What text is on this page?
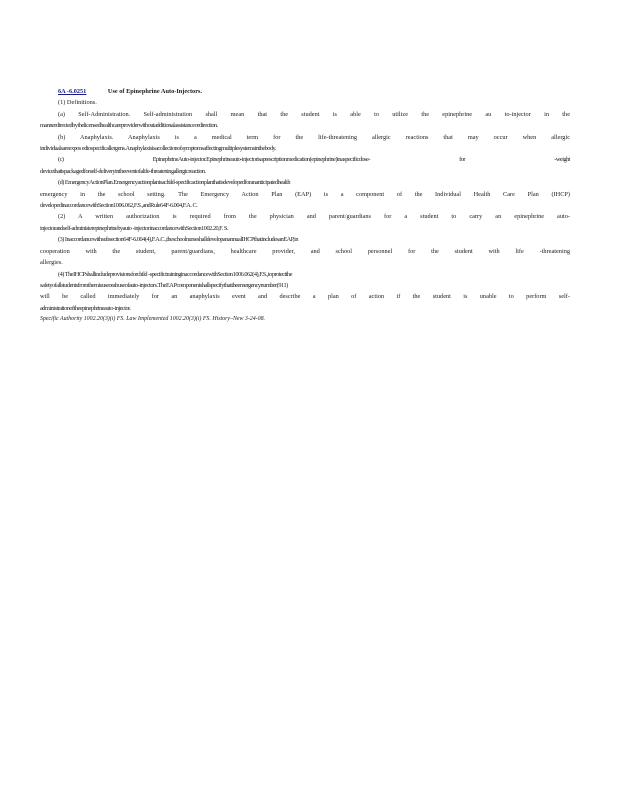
6A -6.0251	Use of Epinephrine Auto-Injectors.
(1) Definitions.
(a) Self-Administration. Self-administration shall mean that the student is able to utilize the epinephrine au to-injector in the
mannerdirectedbythelicensedhealthcareproviderwithoutadditionalassistanceordirection.
(b) Anaphylaxis. Anaphylaxis is a medical term for the life-threatening allergic reactions that may occur when allergic
individualsareexpos edtospecificallergens.Anaphylaxisisacollectionofsymptomsaffectingmultiplesystemsinthebody.
(c) EpinephrineAuto-injector.Epinephrineauto-injectorisaprescriptionmedication(epinephrine)inaspecificdose- for -weight
devicethatispackagedforself-deliveryintheeventofalife-threateningallergicreaction.
(d) EmergencyActionPlan.Emergencyactionplanisachild-specificactionplanthatisdevelopedforananticipatedhealth
emergency in the school setting. The Emergency Action Plan (EAP) is a component of the Individual Health Care Plan (IHCP)
developedinaccordancewithSection1006.062,F.S.,andRule64F-6.004,F.A. C.
(2) A written authorization is required from the physician and parent/guardians for a student to carry an epinephrine auto-
injectorandself-administerepinephrinebyauto -injectorinaccordancewithSection1002.20,F. S.
(3) Inaccordancewithsubsection64F-6.004(4),F.A.C.,theschoolnurseshalldevelopanannualIHCPthatincludesanEAP,in
cooperation with the student, parent/guardians, healthcare provider, and school personnel for the student with life -threatening
allergies.
(4) TheIHCPshallincludeprovisionsforchild -specifictraininginaccordancewithSection1006.062(4),F.S.,toprotectthe
safetyofallstudentsfromthemisuseorabuseofauto-injectors.TheEAPcomponentshallspecifythattheemergencynumber(911)
will be called immediately for an anaphylaxis event and describe a plan of action if the student is unable to perform self-
administrationoftheepinephrineauto-injector.
Specific Authority 1002.20(3)(i) FS. Law Implemented 1002.20(3)(i) FS. History–New 3-24-08.
